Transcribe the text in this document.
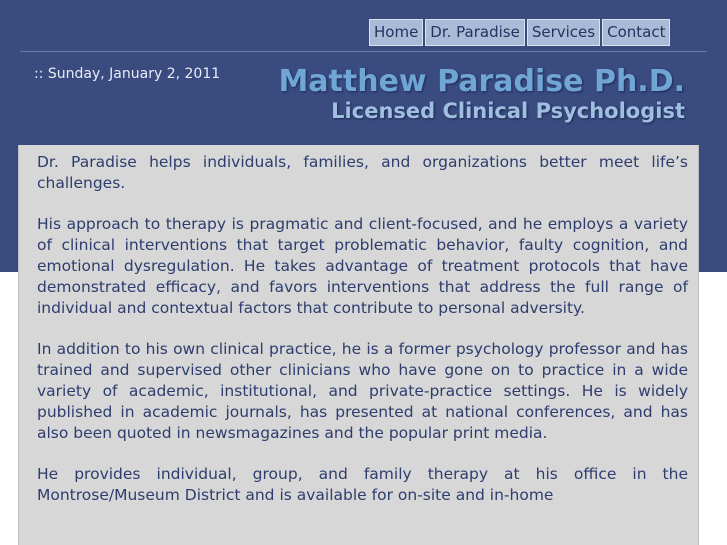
Home Dr. Paradise Services Contact
:: Sunday, January 2, 2011 Matthew Paradise Ph.D.
Licensed Clinical Psychologist

Dr. Paradise helps individuals, families, and organizations better meet life’s challenges.

His approach to therapy is pragmatic and client-focused, and he employs a variety of clinical interventions that target problematic behavior, faulty cognition, and emotional dysregulation. He takes advantage of treatment protocols that have demonstrated efficacy, and favors interventions that address the full range of individual and contextual factors that contribute to personal adversity.

In addition to his own clinical practice, he is a former psychology professor and has trained and supervised other clinicians who have gone on to practice in a wide variety of academic, institutional, and private-practice settings. He is widely published in academic journals, has presented at national conferences, and has also been quoted in newsmagazines and the popular print media.

He provides individual, group, and family therapy at his office in the Montrose/Museum District and is available for on-site and in-home
